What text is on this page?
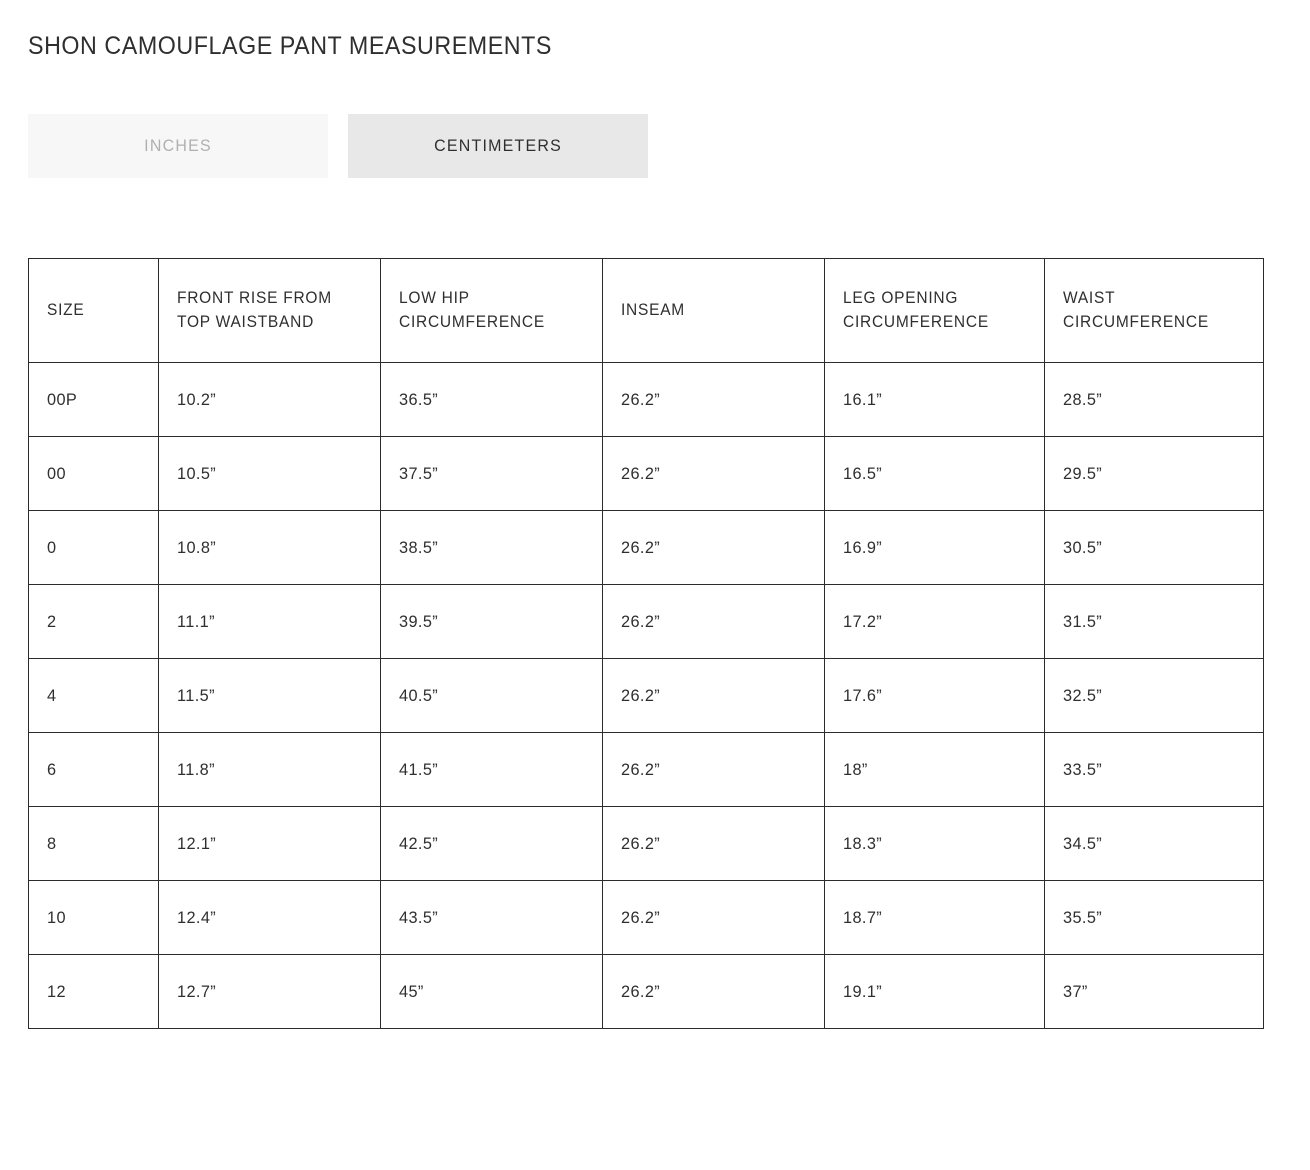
SHON CAMOUFLAGE PANT MEASUREMENTS
INCHES	CENTIMETERS
SIZE	FRONT RISE FROM TOP WAISTBAND	LOW HIP CIRCUMFERENCE	INSEAM	LEG OPENING CIRCUMFERENCE	WAIST CIRCUMFERENCE

00P	10.2”	36.5”	26.2”	16.1”	28.5”

00	10.5”	37.5”	26.2”	16.5”	29.5”

0	10.8”	38.5”	26.2”	16.9”	30.5”

2	11.1”	39.5”	26.2”	17.2”	31.5”

4	11.5”	40.5”	26.2”	17.6”	32.5”

6	11.8”	41.5”	26.2”	18”	33.5”

8	12.1”	42.5”	26.2”	18.3”	34.5”

10	12.4”	43.5”	26.2”	18.7”	35.5”

12	12.7”	45”	26.2”	19.1”	37”
